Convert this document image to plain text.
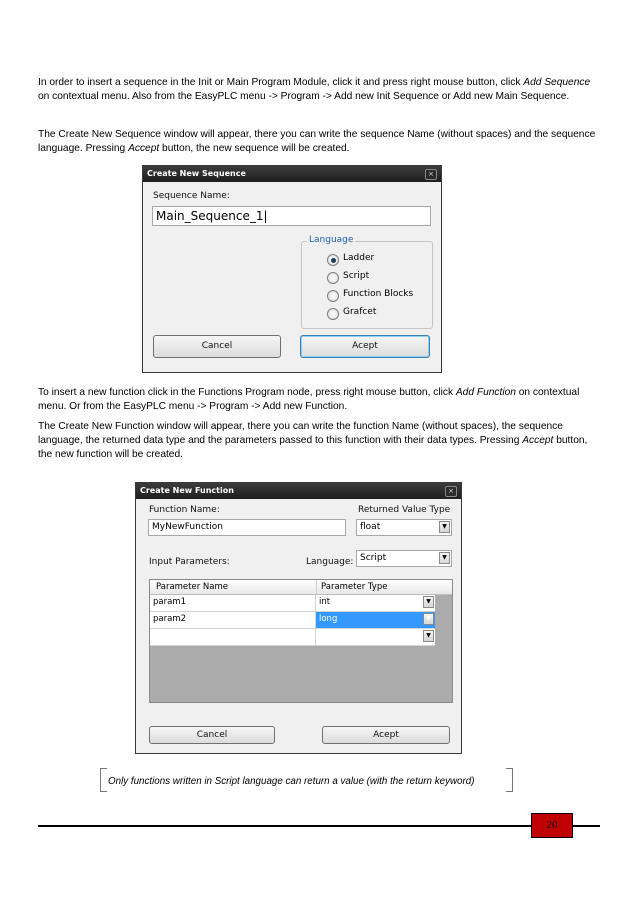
In order to insert a sequence in the Init or Main Program Module, click it and press right mouse button, click Add Sequence on contextual menu. Also from the EasyPLC menu -> Program -> Add new Init Sequence or Add new Main Sequence.

The Create New Sequence window will appear, there you can write the sequence Name (without spaces) and the sequence language. Pressing Accept button, the new sequence will be created.

Create New Sequence	×
Sequence Name:
Main_Sequence_1|
Language
Ladder
Script
Function Blocks
Grafcet
Cancel	Acept

To insert a new function click in the Functions Program node, press right mouse button, click Add Function on contextual menu. Or from the EasyPLC menu -> Program -> Add new Function.

The Create New Function window will appear, there you can write the function Name (without spaces), the sequence language, the returned data type and the parameters passed to this function with their data types. Pressing Accept button, the new function will be created.

Create New Function	×
Function Name:
MyNewFunction
Returned Value Type
float	▼
Input Parameters:	Language: Script	▼
Parameter Name	Parameter Type
param1	int	▼
param2	long	▼
▼
Cancel	Acept
Only functions written in Script language can return a value (with the return keyword)
20
